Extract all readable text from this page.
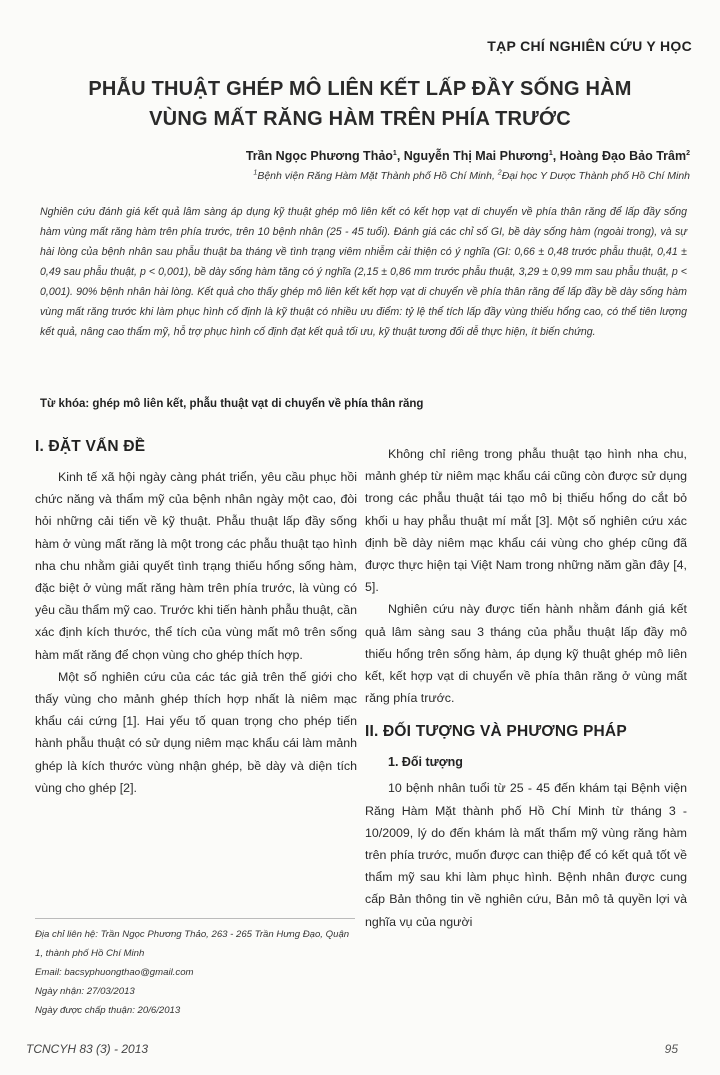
TẠP CHÍ NGHIÊN CỨU Y HỌC
PHẪU THUẬT GHÉP MÔ LIÊN KẾT LẤP ĐẦY SỐNG HÀM
VÙNG MẤT RĂNG HÀM TRÊN PHÍA TRƯỚC
Trần Ngọc Phương Thảo$^1$, Nguyễn Thị Mai Phương$^1$, Hoàng Đạo Bảo Trâm$^2$
$^1$Bệnh viện Răng Hàm Mặt Thành phố Hồ Chí Minh, $^2$Đại học Y Dược Thành phố Hồ Chí Minh
Nghiên cứu đánh giá kết quả lâm sàng áp dụng kỹ thuật ghép mô liên kết có kết hợp vạt di chuyển về phía thân răng để lấp đầy sống hàm vùng mất răng hàm trên phía trước, trên 10 bệnh nhân (25 - 45 tuổi). Đánh giá các chỉ số GI, bề dày sống hàm (ngoài trong), và sự hài lòng của bệnh nhân sau phẫu thuật ba tháng về tình trạng viêm nhiễm cải thiện có ý nghĩa (GI: 0,66 ± 0,48 trước phẫu thuật, 0,41 ± 0,49 sau phẫu thuật, p < 0,001), bề dày sống hàm tăng có ý nghĩa (2,15 ± 0,86 mm trước phẫu thuật, 3,29 ± 0,99 mm sau phẫu thuật, p < 0,001). 90% bệnh nhân hài lòng. Kết quả cho thấy ghép mô liên kết kết hợp vạt di chuyển về phía thân răng để lấp đầy bề dày sống hàm vùng mất răng trước khi làm phục hình cố định là kỹ thuật có nhiều ưu điểm: tỷ lệ thể tích lấp đầy vùng thiếu hổng cao, có thể tiên lượng kết quả, nâng cao thẩm mỹ, hỗ trợ phục hình cố định đạt kết quả tối ưu, kỹ thuật tương đối dễ thực hiện, ít biến chứng.
Từ khóa: ghép mô liên kết, phẫu thuật vạt di chuyển về phía thân răng
I. ĐẶT VẤN ĐỀ

Kinh tế xã hội ngày càng phát triển, yêu cầu phục hồi chức năng và thẩm mỹ của bệnh nhân ngày một cao, đòi hỏi những cải tiến về kỹ thuật. Phẫu thuật lấp đầy sống hàm ở vùng mất răng là một trong các phẫu thuật tạo hình nha chu nhằm giải quyết tình trạng thiếu hổng sống hàm, đặc biệt ở vùng mất răng hàm trên phía trước, là vùng có yêu cầu thẩm mỹ cao. Trước khi tiến hành phẫu thuật, cần xác định kích thước, thể tích của vùng mất mô trên sống hàm mất răng để chọn vùng cho ghép thích hợp.

Một số nghiên cứu của các tác giả trên thế giới cho thấy vùng cho mảnh ghép thích hợp nhất là niêm mạc khẩu cái cứng [1]. Hai yếu tố quan trọng cho phép tiến hành phẫu thuật có sử dụng niêm mạc khẩu cái làm mảnh ghép là kích thước vùng nhận ghép, bề dày và diện tích vùng cho ghép [2].

Không chỉ riêng trong phẫu thuật tạo hình nha chu, mảnh ghép từ niêm mạc khẩu cái cũng còn được sử dụng trong các phẫu thuật tái tạo mô bị thiếu hổng do cắt bỏ khối u hay phẫu thuật mí mắt [3]. Một số nghiên cứu xác định bề dày niêm mạc khẩu cái vùng cho ghép cũng đã được thực hiện tại Việt Nam trong những năm gần đây [4, 5].

Nghiên cứu này được tiến hành nhằm đánh giá kết quả lâm sàng sau 3 tháng của phẫu thuật lấp đầy mô thiếu hổng trên sống hàm, áp dụng kỹ thuật ghép mô liên kết, kết hợp vạt di chuyển về phía thân răng ở vùng mất răng phía trước.

II. ĐỐI TƯỢNG VÀ PHƯƠNG PHÁP
1. Đối tượng

10 bệnh nhân tuổi từ 25 - 45 đến khám tại Bệnh viện Răng Hàm Mặt thành phố Hồ Chí Minh từ tháng 3 - 10/2009, lý do đến khám là mất thẩm mỹ vùng răng hàm trên phía trước, muốn được can thiệp để có kết quả tốt về thẩm mỹ sau khi làm phục hình. Bệnh nhân được cung cấp Bản thông tin về nghiên cứu, Bản mô tả quyền lợi và nghĩa vụ của người

Địa chỉ liên hệ: Trần Ngọc Phương Thảo, 263 - 265 Trần Hưng Đạo, Quận 1, thành phố Hồ Chí Minh
Email: bacsyphuongthao@gmail.com
Ngày nhận: 27/03/2013
Ngày được chấp thuận: 20/6/2013
TCNCYH 83 (3) - 2013	95
